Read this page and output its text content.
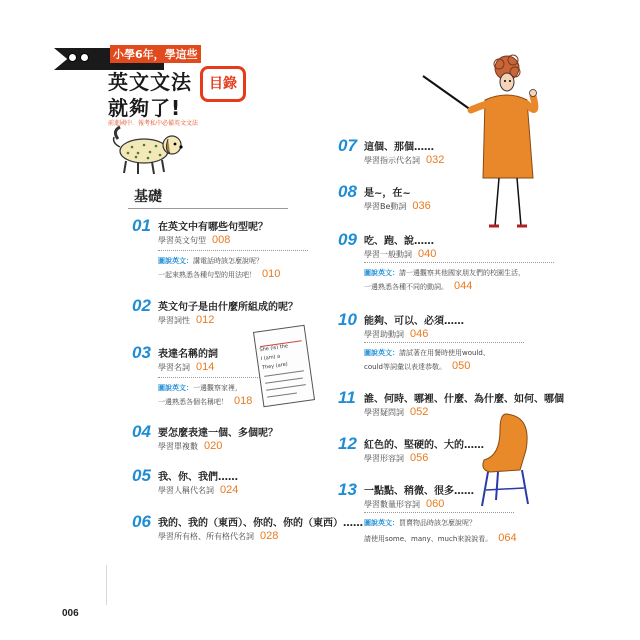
小學6年，學這些
英文文法
就夠了!
前進國中．報考私中必備英文文法
目錄
基礎
01 在英文中有哪些句型呢？
學習英文句型 008
圖說英文：講電話時該怎麼說呢？
一起來熟悉各種句型的用法吧！ 010
02 英文句子是由什麼所組成的呢？
學習詞性 012
03 表達名稱的詞
學習名詞 014
圖說英文：一邊觀察家裡，
一邊熟悉各個名稱吧！ 018
She (is) the
I (am) a
They (are)
04 要怎麼表達一個、多個呢？
學習單複數 020
05 我、你、我們……
學習人稱代名詞 024
06 我的、我的（東西）、你的、你的（東西）……
學習所有格、所有格代名詞 028
07 這個、那個……
學習指示代名詞 032
08 是~，在~
學習Be動詞 036
09 吃、跑、說……
學習一般動詞 040
圖說英文：請一邊觀察其他國家朋友們的校園生活，
一邊熟悉各種不同的動詞。 044
10 能夠、可以、必須……
學習助動詞 046
圖說英文：請試著在用餐時使用would、
could等詞彙以表達恭敬。 050
11 誰、何時、哪裡、什麼、為什麼、如何、哪個
學習疑問詞 052
12 紅色的、堅硬的、大的……
學習形容詞 056
13 一點點、稍微、很多……
學習數量形容詞 060
圖說英文：買賣物品時該怎麼說呢？
請使用some、many、much來說說看。 064
006
